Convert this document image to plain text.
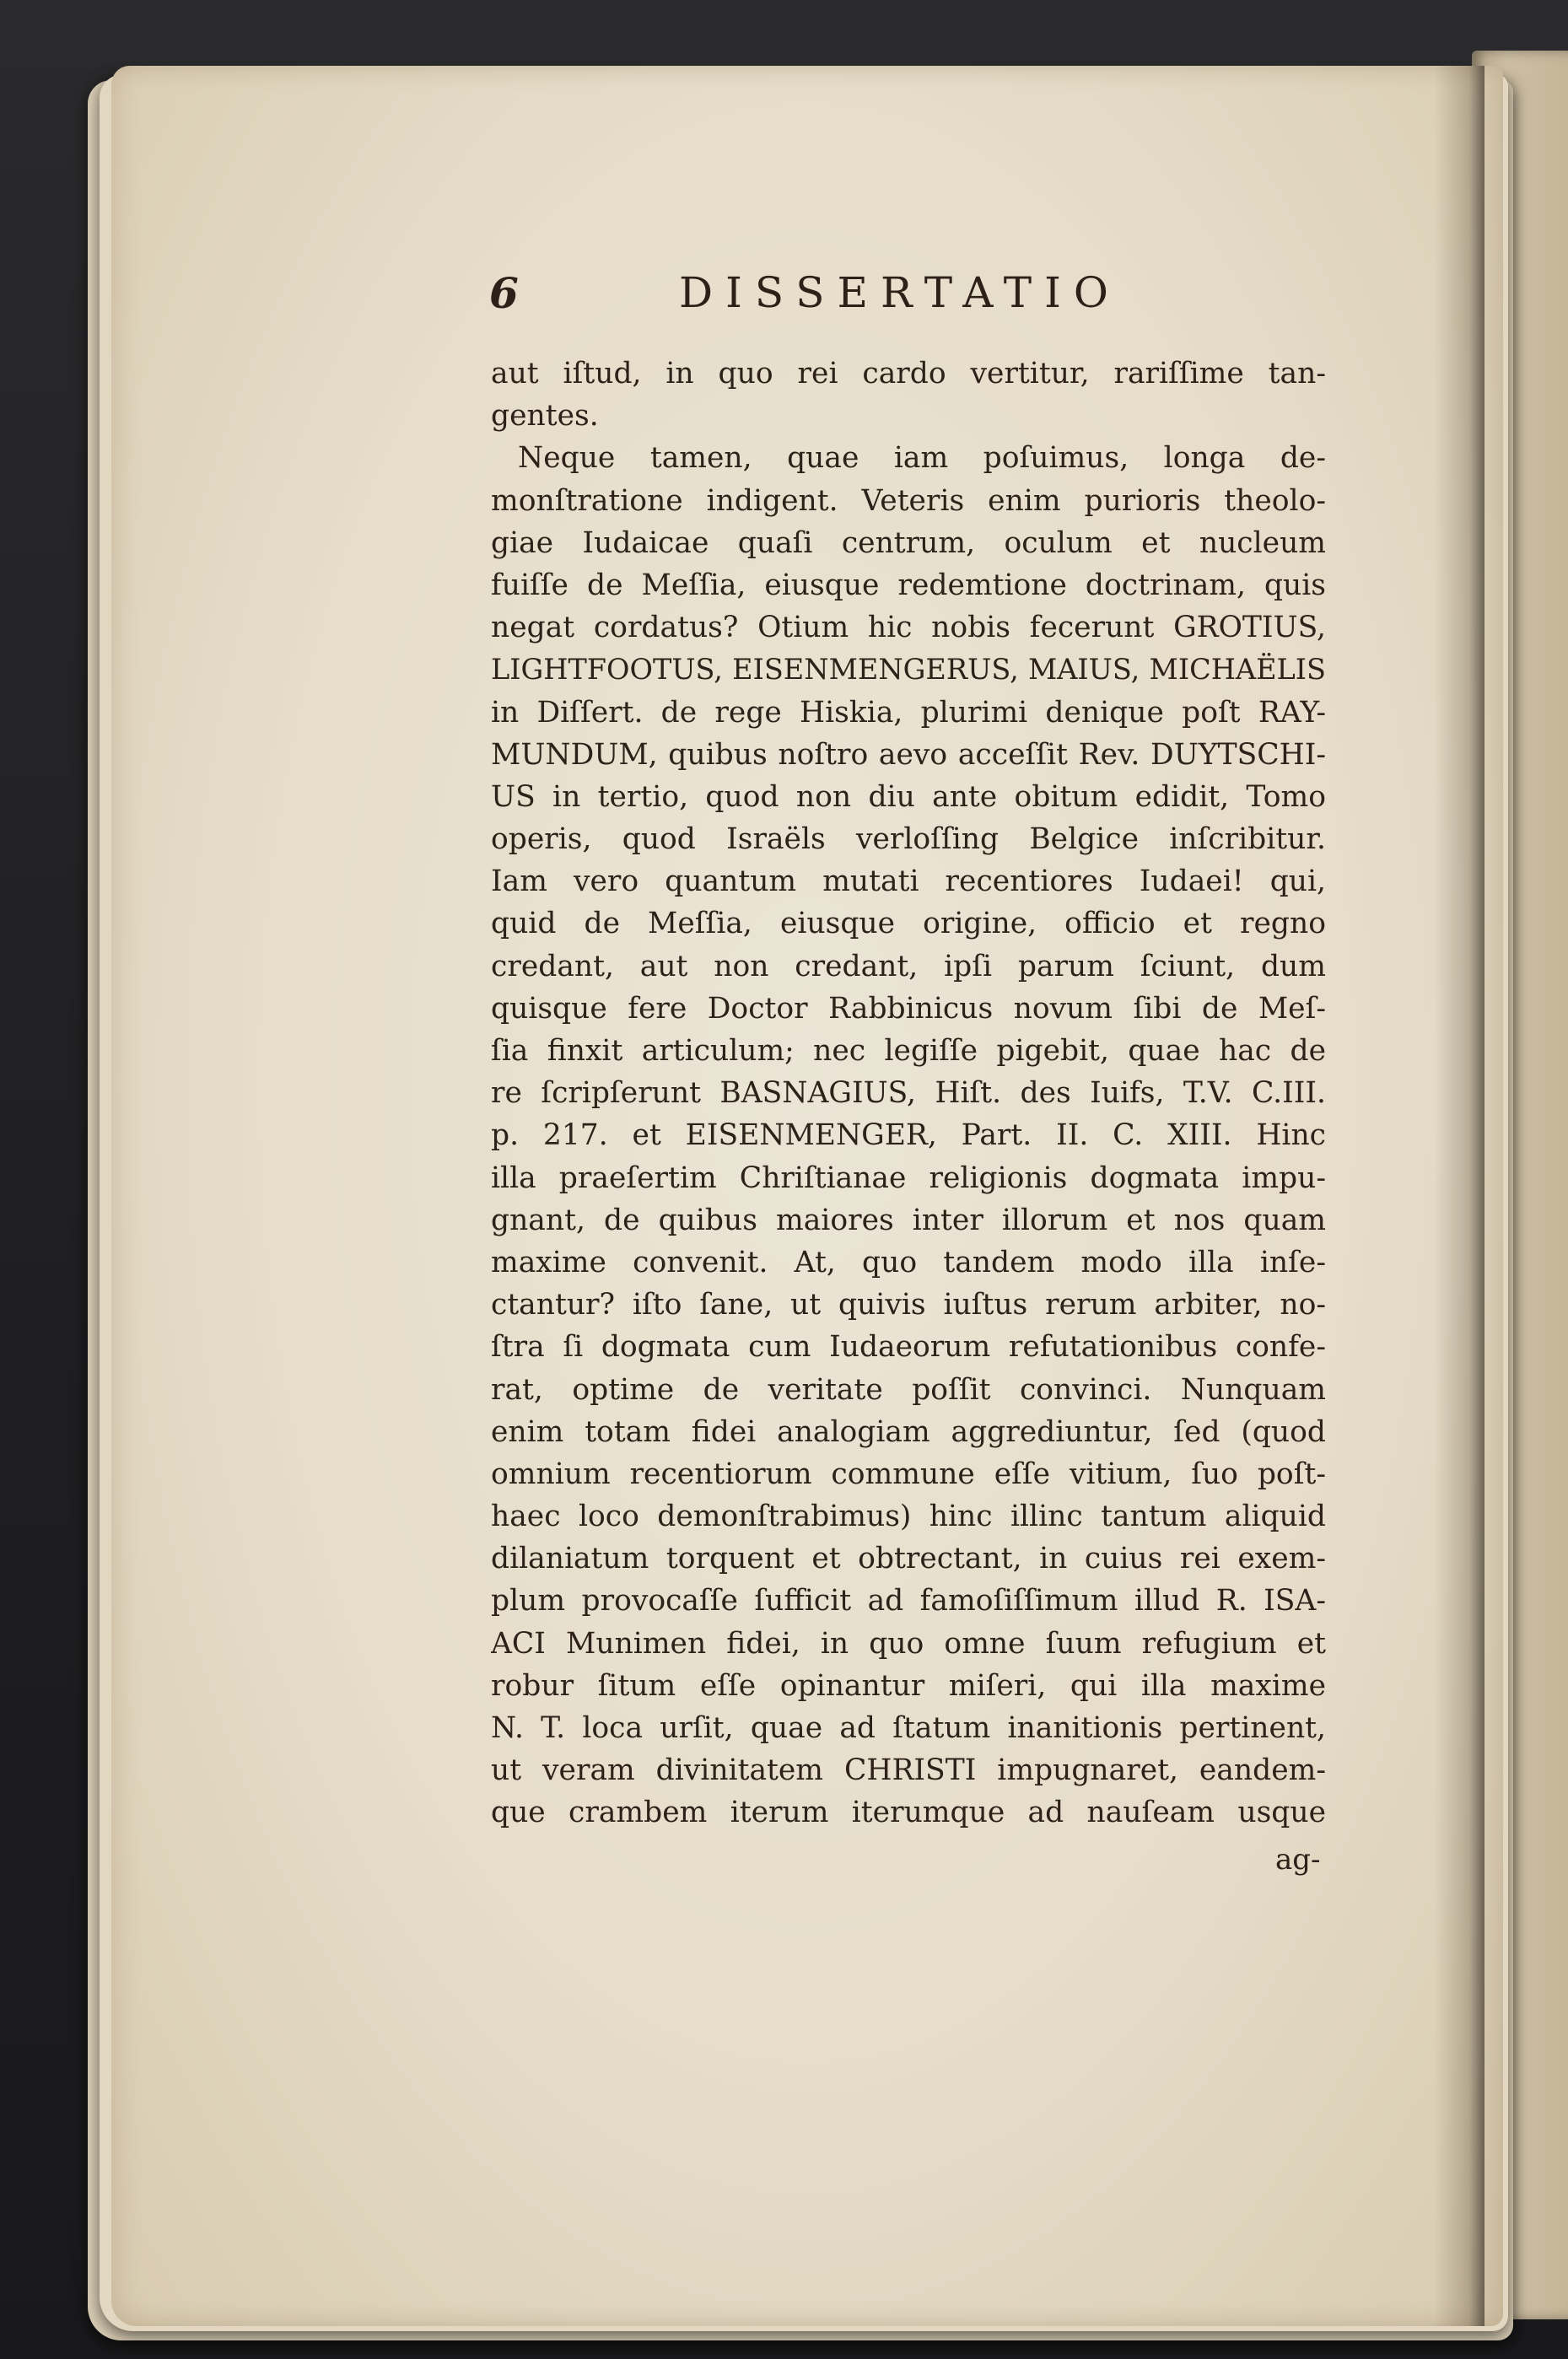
6	DISSERTATIO
aut iſtud, in quo rei cardo vertitur, rariſſime tan-
gentes.
Neque tamen, quae iam poſuimus, longa de-
monſtratione indigent. Veteris enim purioris theolo-
giae Iudaicae quaſi centrum, oculum et nucleum
fuiſſe de Meſſia, eiusque redemtione doctrinam, quis
negat cordatus? Otium hic nobis fecerunt GROTIUS,
LIGHTFOOTUS, EISENMENGERUS, MAIUS, MICHAËLIS
in Diſſert. de rege Hiskia, plurimi denique poſt RAY-
MUNDUM, quibus noſtro aevo acceſſit Rev. DUYTSCHI-
US in tertio, quod non diu ante obitum edidit, Tomo
operis, quod Israëls verloſſing Belgice inſcribitur.
Iam vero quantum mutati recentiores Iudaei! qui,
quid de Meſſia, eiusque origine, officio et regno
credant, aut non credant, ipſi parum ſciunt, dum
quisque fere Doctor Rabbinicus novum ſibi de Meſ-
ſia finxit articulum; nec legiſſe pigebit, quae hac de
re ſcripſerunt BASNAGIUS, Hiſt. des Iuifs, T.V. C.III.
p. 217. et EISENMENGER, Part. II. C. XIII. Hinc
illa praeſertim Chriſtianae religionis dogmata impu-
gnant, de quibus maiores inter illorum et nos quam
maxime convenit. At, quo tandem modo illa inſe-
ctantur? iſto ſane, ut quivis iuſtus rerum arbiter, no-
ſtra ſi dogmata cum Iudaeorum refutationibus confe-
rat, optime de veritate poſſit convinci. Nunquam
enim totam fidei analogiam aggrediuntur, ſed (quod
omnium recentiorum commune eſſe vitium, ſuo poſt-
haec loco demonſtrabimus) hinc illinc tantum aliquid
dilaniatum torquent et obtrectant, in cuius rei exem-
plum provocaſſe ſufficit ad famoſiſſimum illud R. ISA-
ACI Munimen fidei, in quo omne ſuum refugium et
robur ſitum eſſe opinantur miſeri, qui illa maxime
N. T. loca urſit, quae ad ſtatum inanitionis pertinent,
ut veram divinitatem CHRISTI impugnaret, eandem-
que crambem iterum iterumque ad nauſeam usque
ag-
